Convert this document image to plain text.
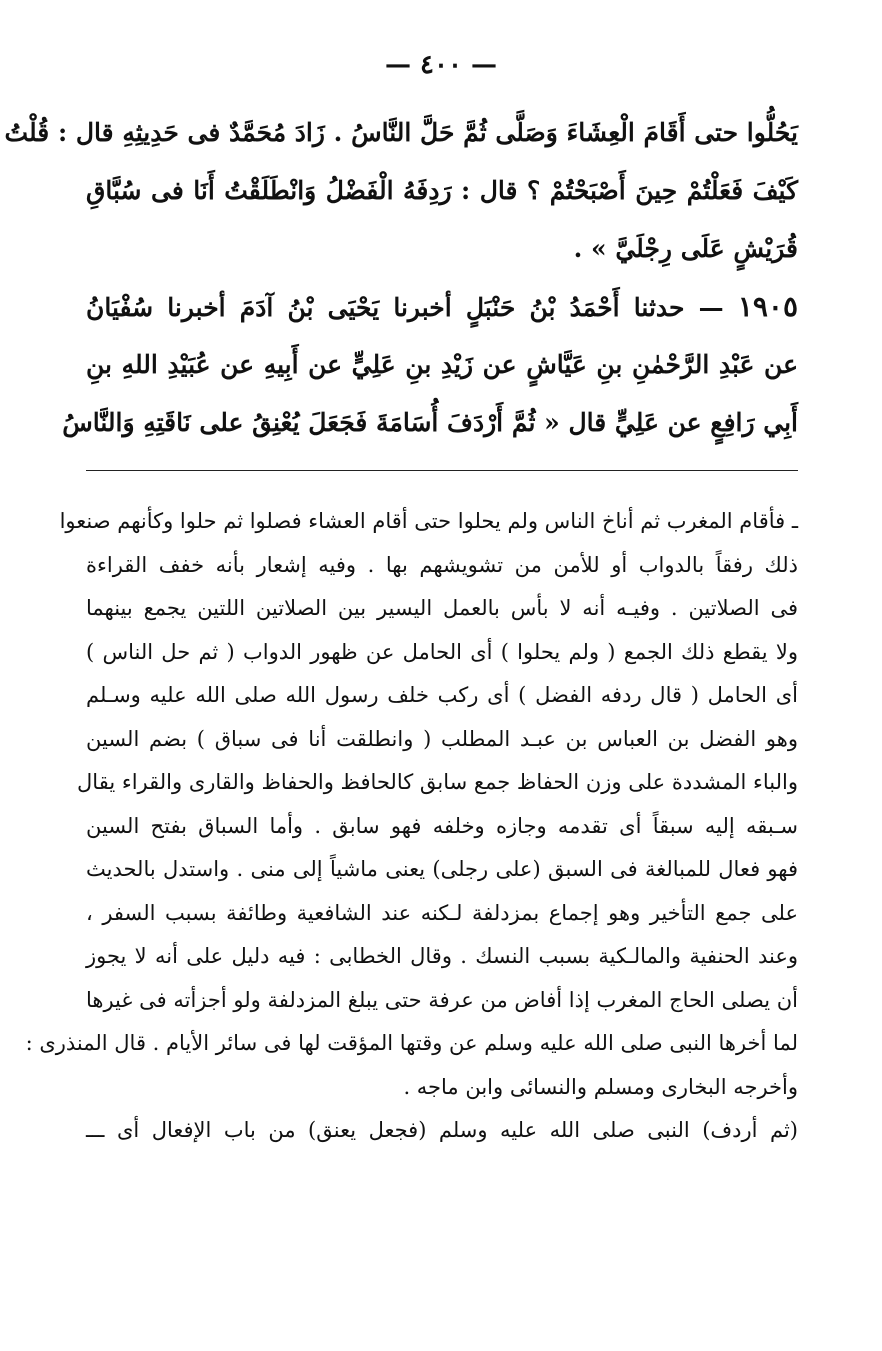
— ٤٠٠ —
يَحُلُّوا حتى أَقَامَ الْعِشَاءَ وَصَلَّى ثُمَّ حَلَّ النَّاسُ . زَادَ مُحَمَّدٌ فى حَدِيثِهِ قال : قُلْتُ
كَيْفَ فَعَلْتُمْ حِينَ أَصْبَحْتُمْ ؟ قال : رَدِفَهُ الْفَضْلُ وَانْطَلَقْتُ أَنَا فى سُبَّاقِ
قُرَيْشٍ عَلَى رِجْلَيَّ » .
١٩٠٥ — حدثنا أَحْمَدُ بْنُ حَنْبَلٍ أخبرنا يَحْيَى بْنُ آدَمَ أخبرنا سُفْيَانُ
عن عَبْدِ الرَّحْمٰنِ بنِ عَيَّاشٍ عن زَيْدِ بنِ عَلِيٍّ عن أَبِيهِ عن عُبَيْدِ اللهِ بنِ
أَبِي رَافِعٍ عن عَلِيٍّ قال « ثُمَّ أَرْدَفَ أُسَامَةَ فَجَعَلَ يُعْنِقُ على نَاقَتِهِ وَالنَّاسُ
ـ فأقام المغرب ثم أناخ الناس ولم يحلوا حتى أقام العشاء فصلوا ثم حلوا وكأنهم صنعوا
ذلك رفقاً بالدواب أو للأمن من تشويشهم بها . وفيه إشعار بأنه خفف القراءة
فى الصلاتين . وفيـه أنه لا بأس بالعمل اليسير بين الصلاتين اللتين يجمع بينهما
ولا يقطع ذلك الجمع ( ولم يحلوا ) أى الحامل عن ظهور الدواب ( ثم حل الناس )
أى الحامل ( قال ردفه الفضل ) أى ركب خلف رسول الله صلى الله عليه وسـلم
وهو الفضل بن العباس بن عبـد المطلب ( وانطلقت أنا فى سباق ) بضم السين
والباء المشددة على وزن الحفاظ جمع سابق كالحافظ والحفاظ والقارى والقراء يقال
سـبقه إليه سبقاً أى تقدمه وجازه وخلفه فهو سابق . وأما السباق بفتح السين
فهو فعال للمبالغة فى السبق (على رجلى) يعنى ماشياً إلى منى . واستدل بالحديث
على جمع التأخير وهو إجماع بمزدلفة لـكنه عند الشافعية وطائفة بسبب السفر ،
وعند الحنفية والمالـكية بسبب النسك . وقال الخطابى : فيه دليل على أنه لا يجوز
أن يصلى الحاج المغرب إذا أفاض من عرفة حتى يبلغ المزدلفة ولو أجزأته فى غيرها
لما أخرها النبى صلى الله عليه وسلم عن وقتها المؤقت لها فى سائر الأيام . قال المنذرى :
وأخرجه البخارى ومسلم والنسائى وابن ماجه .
(ثم أردف) النبى صلى الله عليه وسلم (فجعل يعنق) من باب الإفعال أى ـــ
